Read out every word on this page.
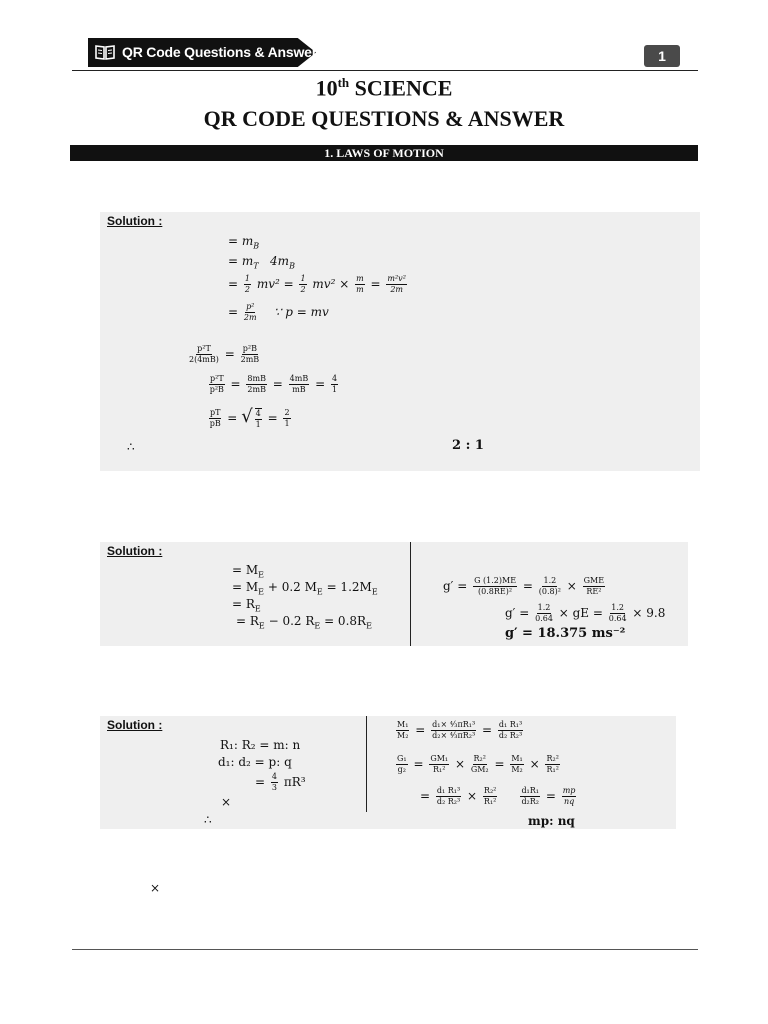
QR Code Questions & Answer	1
10th SCIENCE
QR CODE QUESTIONS & ANSWER
1. LAWS OF MOTION
Solution :
= $m_B$
= $m_T$ $4m_B$
= $\frac{1}{2} mv^2 = \frac{1}{2} mv^2 \times \frac{m}{m} = \frac{\text{m²v²}}{2m}$
= $\frac{\text{p²}}{2m}$ ∵ p = mv
$\frac{\text{p²T}}{2(4mB)} = \frac{\text{p²B}}{2mB}$
$\frac{\text{p²T}}{\text{p²B}} = \frac{8mB}{2mB} = \frac{4mB}{mB} = \frac{4}{1}$
$\frac{pT}{pB}$ = √ $\frac{4}{1} = \frac{2}{1}$
∴	2 : 1
Solution :
= $M_E$
= $M_E + 0.2$ $M_E = 1.2M_E$
= $R_E$
= $R_E - 0.2$ $R_E = 0.8R_E$
$g' = \frac{G (1.2)ME}{\text{(0.8RE)²}} = \frac{1.2}{\text{(0.8)²}} \times \frac{\text{GME}}{\text{RE²}}$
$g' = \frac{1.2}{0.64}$ × gE = $\frac{1.2}{0.64} \times 9.8$
g′ = 18.375 ms⁻²
Solution :
R₁: R₂ = m: n
d₁: d₂ = p: q
= $\frac{4}{3} \pi R^3$
×
∴
$\frac{\text{M₁}}{\text{M₂}} = \frac{\text{d₁× ⁴⁄₃πR₁³}}{\text{d₂× ⁴⁄₃πR₂³}} = \frac{\text{d₁ R₁³}}{\text{d₂ R₂³}}$
$\frac{\text{G₁}}{\text{g₂}} = \frac{\text{GM₁}}{\text{R₁²}} \times \frac{\text{R₂²}}{\text{GM₂}} = \frac{\text{M₁}}{\text{M₂}} \times \frac{\text{R₂²}}{\text{R₁²}}$
= $\frac{\text{d₁ R₁³}}{\text{d₂ R₂³}} \times \frac{\text{R₂²}}{\text{R₁²}}$
	$\frac{\text{d₁R₁}}{\text{d₂R₂}} = \frac{mp}{nq}$
mp: nq
×
